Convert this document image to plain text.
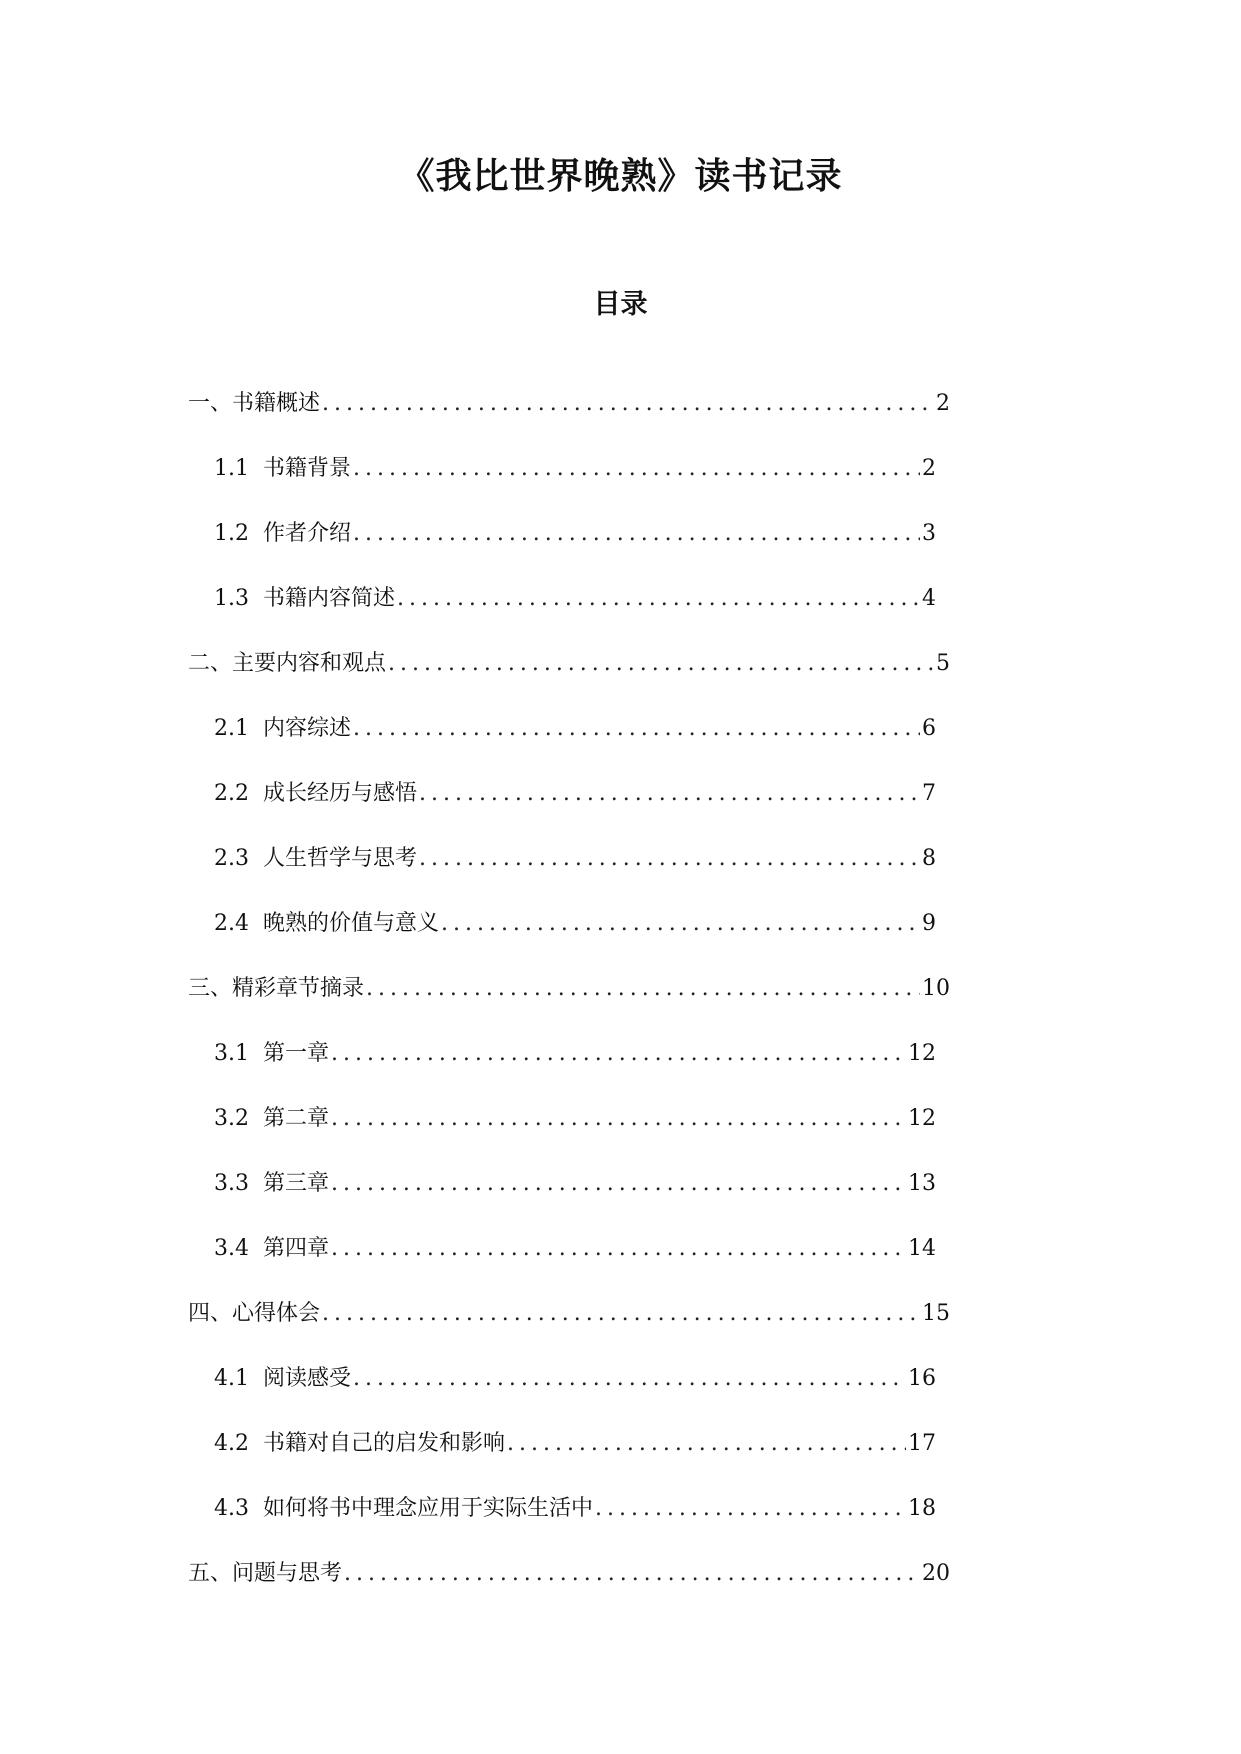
《我比世界晚熟》读书记录
目录
一、书籍概述 . . .	2
1.1 书籍背景 . . .	2
1.2 作者介绍 . . .	3
1.3 书籍内容简述 . . .	4
二、主要内容和观点 . . .	5
2.1 内容综述 . . .	6
2.2 成长经历与感悟 . . .	7
2.3 人生哲学与思考 . . .	8
2.4 晚熟的价值与意义 . . .	9
三、精彩章节摘录 . . .	10
3.1 第一章 . . .	12
3.2 第二章 . . .	12
3.3 第三章 . . .	13
3.4 第四章 . . .	14
四、心得体会 . . .	15
4.1 阅读感受 . . .	16
4.2 书籍对自己的启发和影响 . . .	17
4.3 如何将书中理念应用于实际生活中 . . .	18
五、问题与思考 . . .	20
